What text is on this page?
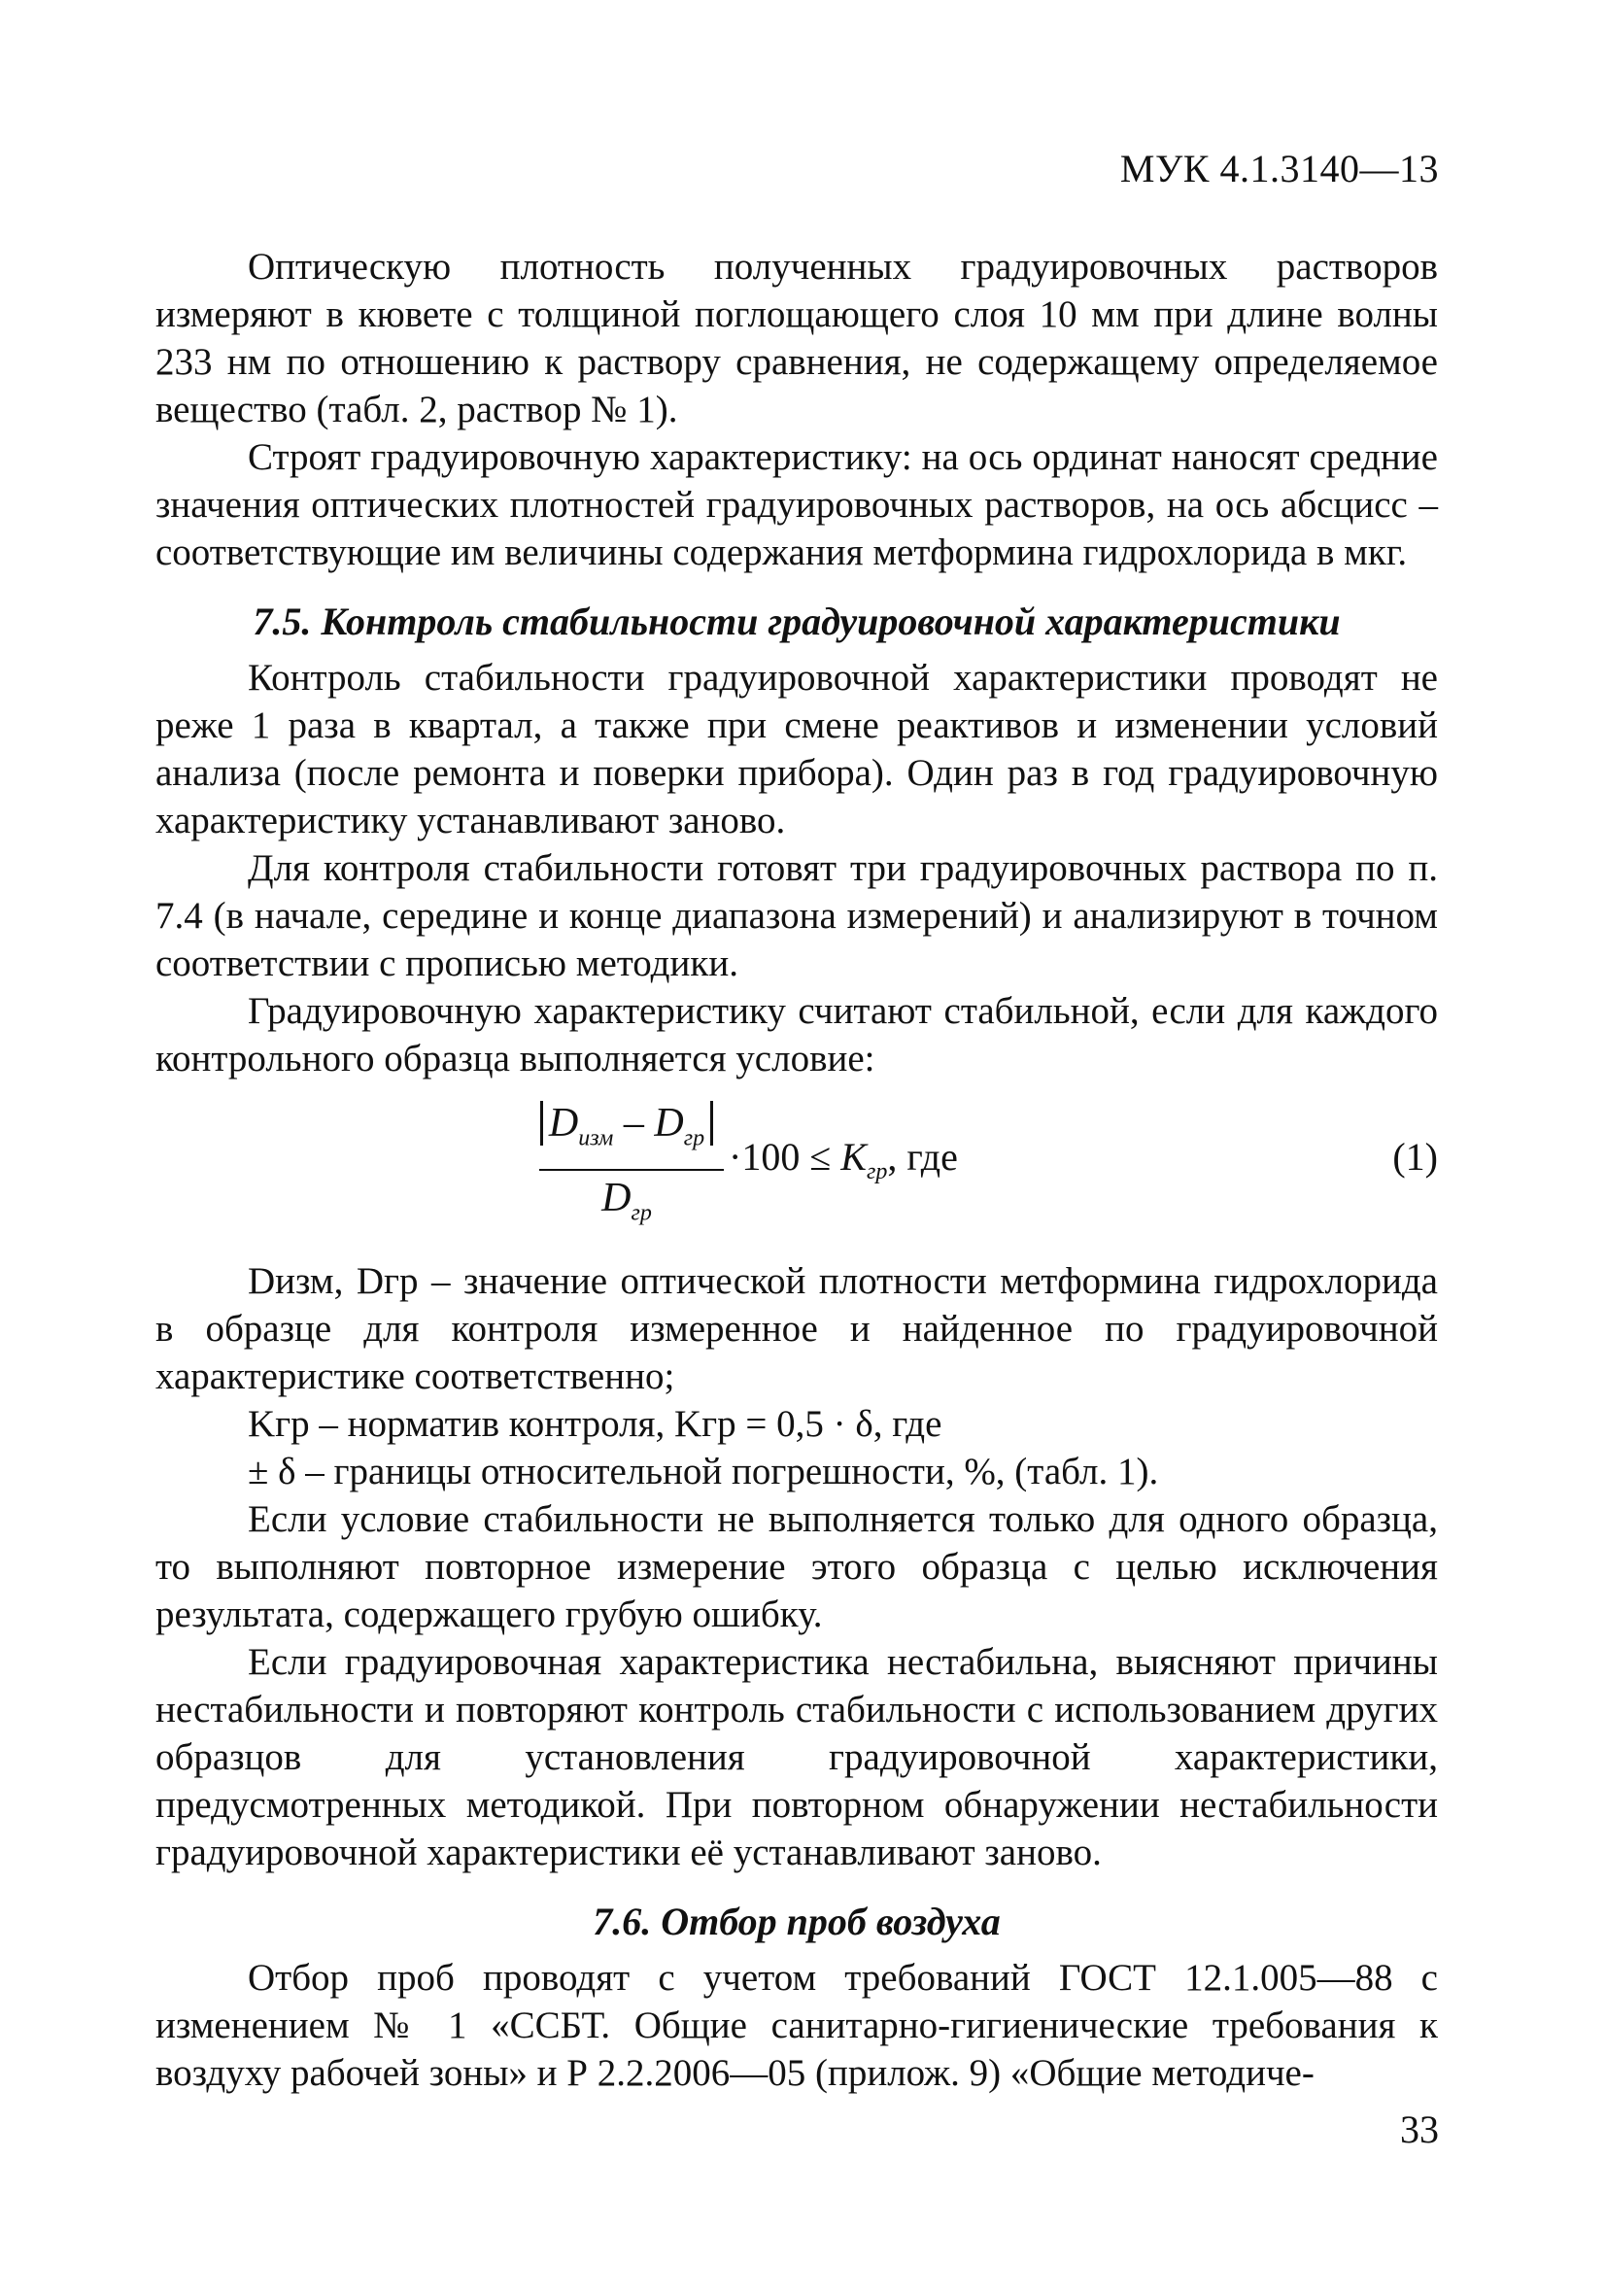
МУК 4.1.3140—13

Оптическую плотность полученных градуировочных растворов измеряют в кювете с толщиной поглощающего слоя 10 мм при длине волны 233 нм по отношению к раствору сравнения, не содержащему определяемое вещество (табл. 2, раствор № 1).

Строят градуировочную характеристику: на ось ординат наносят средние значения оптических плотностей градуировочных растворов, на ось абсцисс – соответствующие им величины содержания метформина гидрохлорида в мкг.

7.5. Контроль стабильности градуировочной характеристики

Контроль стабильности градуировочной характеристики проводят не реже 1 раза в квартал, а также при смене реактивов и изменении условий анализа (после ремонта и поверки прибора). Один раз в год градуировочную характеристику устанавливают заново.

Для контроля стабильности готовят три градуировочных раствора по п. 7.4 (в начале, середине и конце диапазона измерений) и анализируют в точном соответствии с прописью методики.

Градуировочную характеристику считают стабильной, если для каждого контрольного образца выполняется условие:

$D_{изм} - D_{гр}$
$D_{гр}$
$\cdot 100 \le K_{гр}$, где	(1)

Dизм, Dгр – значение оптической плотности метформина гидрохлорида в образце для контроля измеренное и найденное по градуировочной характеристике соответственно;

Kгр – норматив контроля, Kгр = 0,5 · δ, где

± δ – границы относительной погрешности, %, (табл. 1).

Если условие стабильности не выполняется только для одного образца, то выполняют повторное измерение этого образца с целью исключения результата, содержащего грубую ошибку.

Если градуировочная характеристика нестабильна, выясняют причины нестабильности и повторяют контроль стабильности с использованием других образцов для установления градуировочной характеристики, предусмотренных методикой. При повторном обнаружении нестабильности градуировочной характеристики её устанавливают заново.

7.6. Отбор проб воздуха

Отбор проб проводят с учетом требований ГОСТ 12.1.005—88 с изменением № 1 «ССБТ. Общие санитарно-гигиенические требования к воздуху рабочей зоны» и Р 2.2.2006—05 (прилож. 9) «Общие методиче-

33
